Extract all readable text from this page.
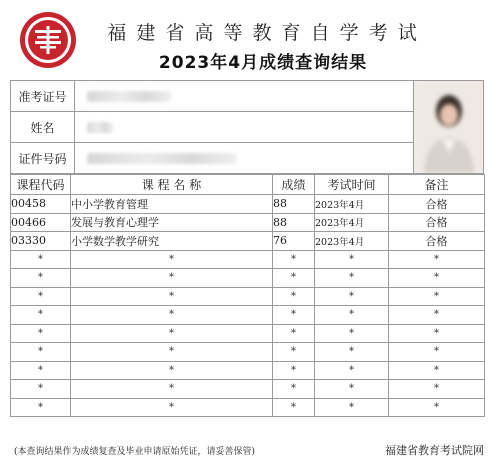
福 建 省 高 等 教 育 自 学 考 试
2023年4月成绩查询结果
准考证号
姓名
证件号码
课程代码	课 程 名 称	成绩	考试时间	备注
00458	中小学教育管理	88	2023年4月	合格
00466	发展与教育心理学	88	2023年4月	合格
03330	小学数学教学研究	76	2023年4月	合格
*	*	*	*	*
*	*	*	*	*
*	*	*	*	*
*	*	*	*	*
*	*	*	*	*
*	*	*	*	*
*	*	*	*	*
*	*	*	*	*
*	*	*	*	*
(本查询结果作为成绩复查及毕业申请原始凭证，请妥善保管)	福建省教育考试院网
